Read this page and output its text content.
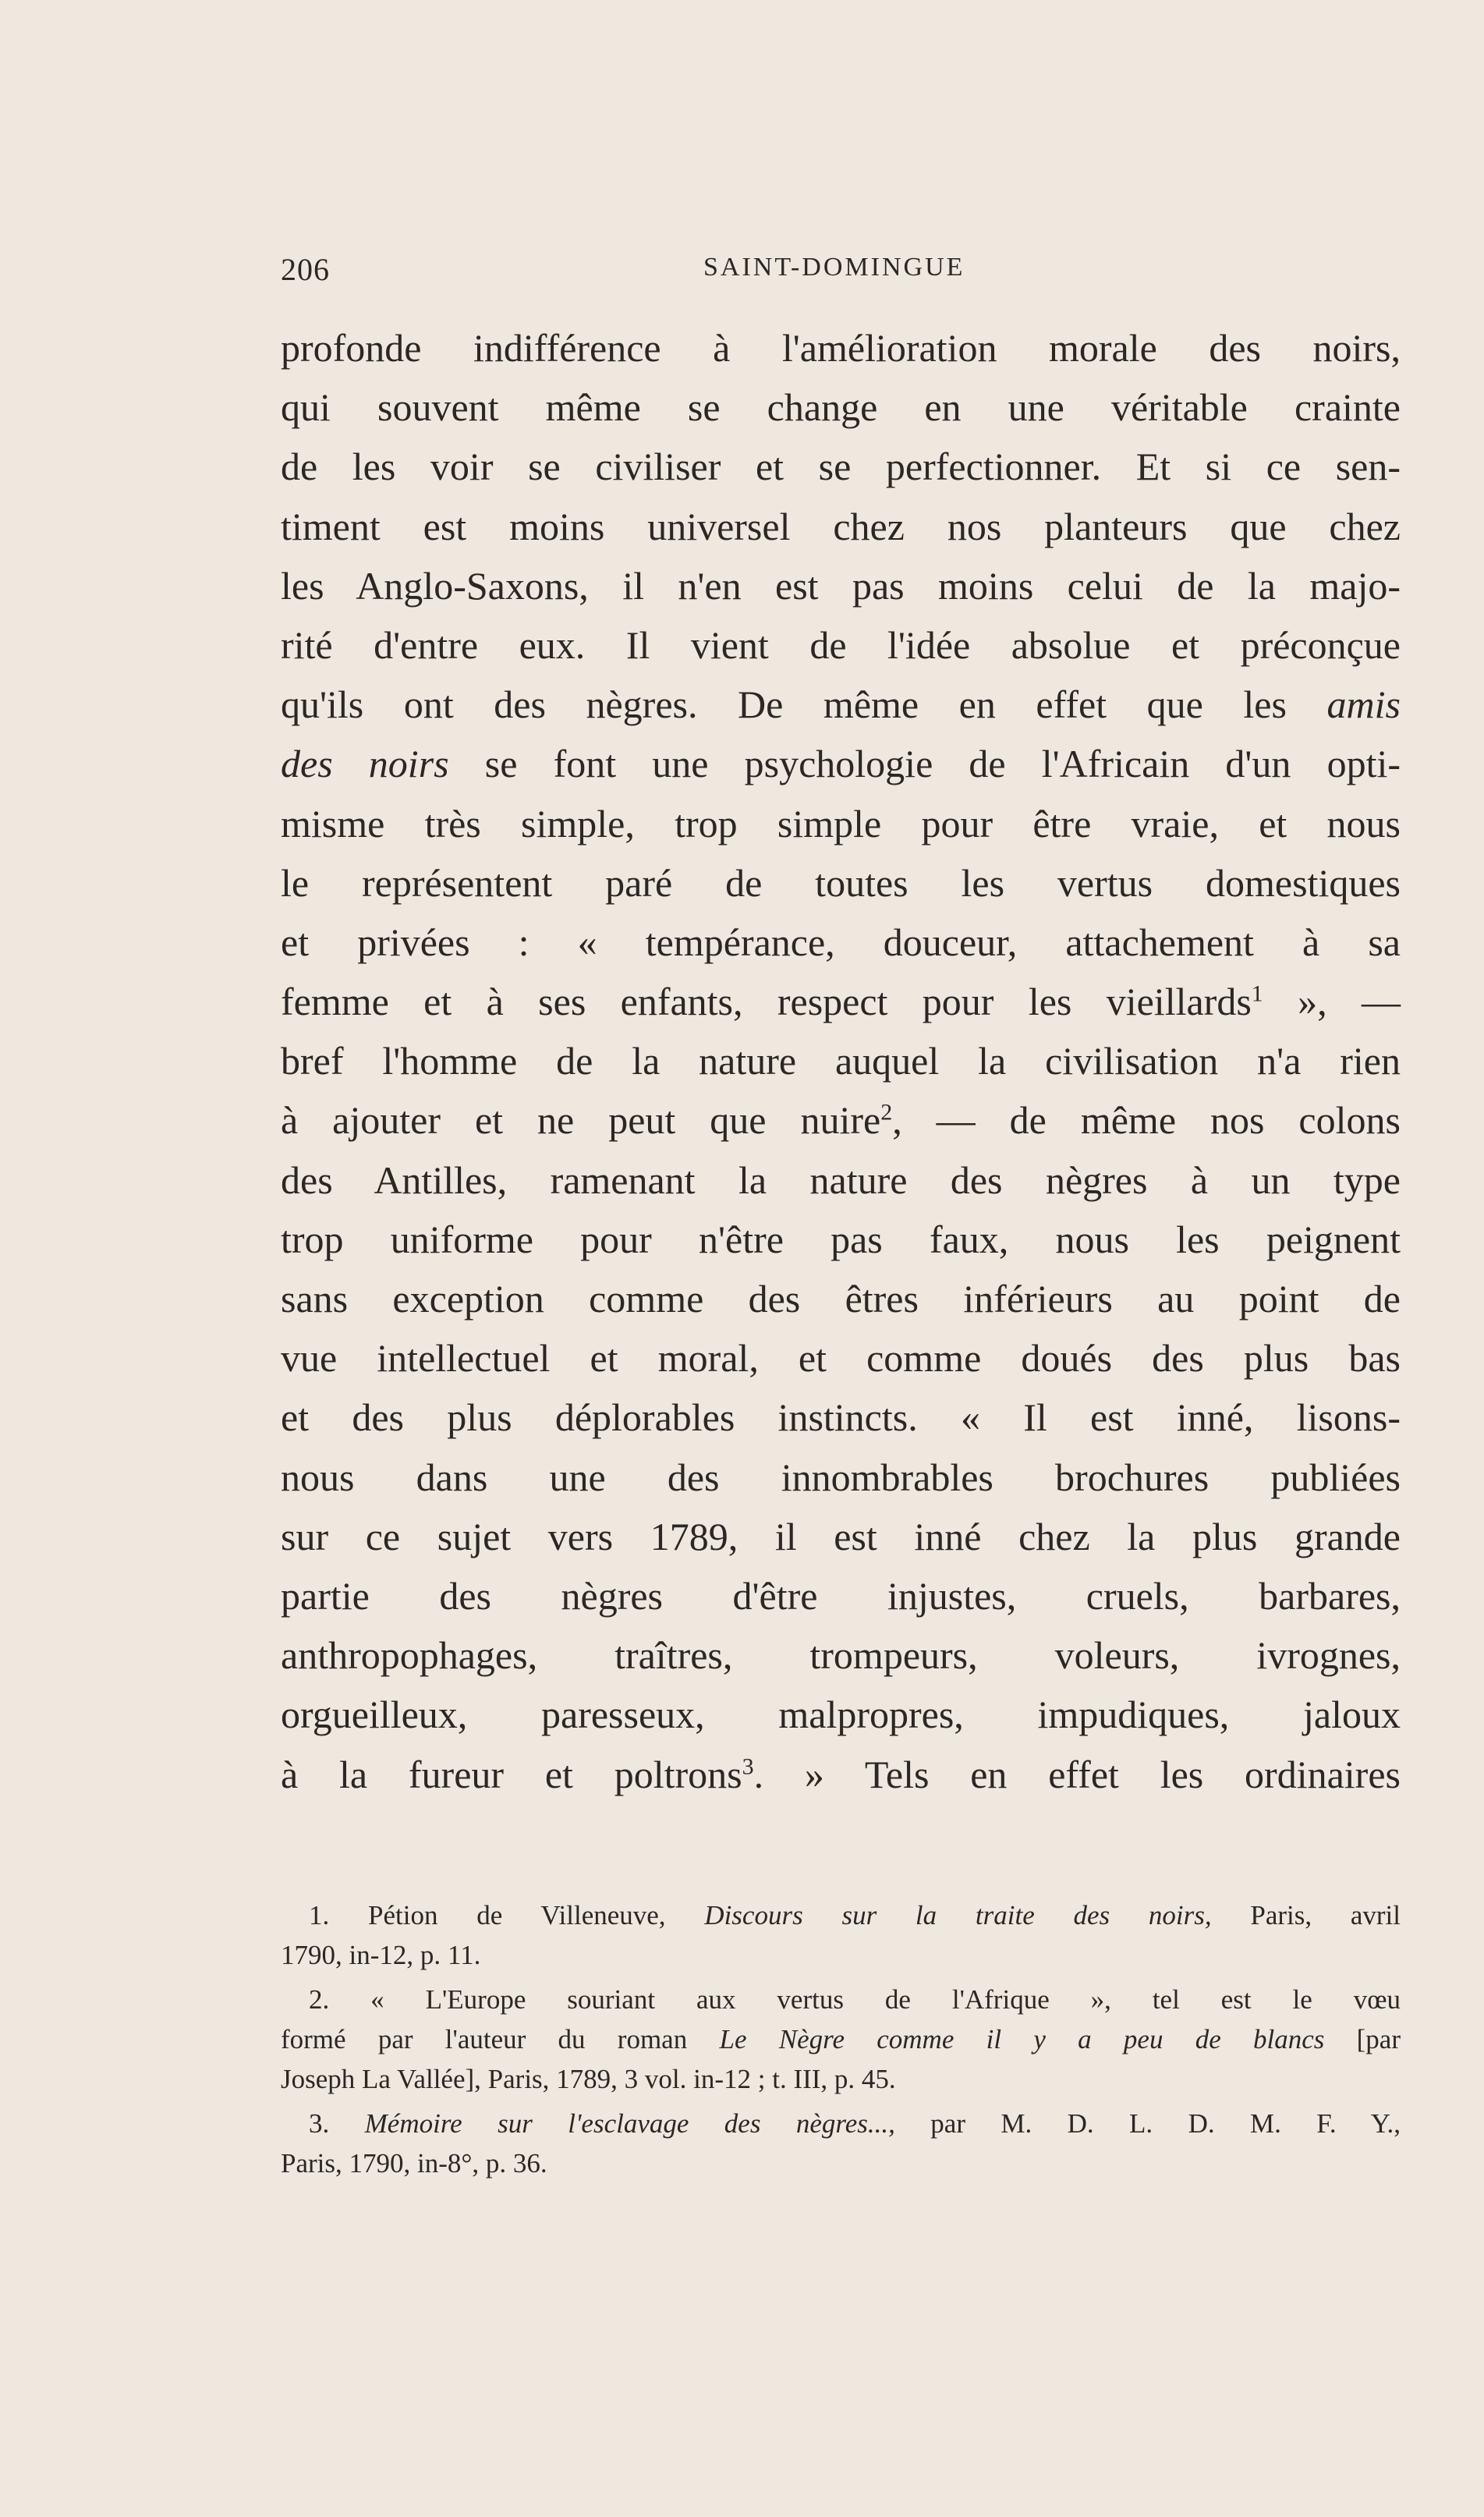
206	SAINT-DOMINGUE
profonde indifférence à l'amélioration morale des noirs,
qui souvent même se change en une véritable crainte
de les voir se civiliser et se perfectionner. Et si ce sen-
timent est moins universel chez nos planteurs que chez
les Anglo-Saxons, il n'en est pas moins celui de la majo-
rité d'entre eux. Il vient de l'idée absolue et préconçue
qu'ils ont des nègres. De même en effet que les amis
des noirs se font une psychologie de l'Africain d'un opti-
misme très simple, trop simple pour être vraie, et nous
le représentent paré de toutes les vertus domestiques
et privées : « tempérance, douceur, attachement à sa
femme et à ses enfants, respect pour les vieillards$^1$ », —
bref l'homme de la nature auquel la civilisation n'a rien
à ajouter et ne peut que nuire$^2$, — de même nos colons
des Antilles, ramenant la nature des nègres à un type
trop uniforme pour n'être pas faux, nous les peignent
sans exception comme des êtres inférieurs au point de
vue intellectuel et moral, et comme doués des plus bas
et des plus déplorables instincts. « Il est inné, lisons-
nous dans une des innombrables brochures publiées
sur ce sujet vers 1789, il est inné chez la plus grande
partie des nègres d'être injustes, cruels, barbares,
anthropophages, traîtres, trompeurs, voleurs, ivrognes,
orgueilleux, paresseux, malpropres, impudiques, jaloux
à la fureur et poltrons$^3$. » Tels en effet les ordinaires
1. Pétion de Villeneuve, Discours sur la traite des noirs, Paris, avril
1790, in-12, p. 11.
2. « L'Europe souriant aux vertus de l'Afrique », tel est le vœu
formé par l'auteur du roman Le Nègre comme il y a peu de blancs [par
Joseph La Vallée], Paris, 1789, 3 vol. in-12 ; t. III, p. 45.
3. Mémoire sur l'esclavage des nègres..., par M. D. L. D. M. F. Y.,
Paris, 1790, in-8°, p. 36.
